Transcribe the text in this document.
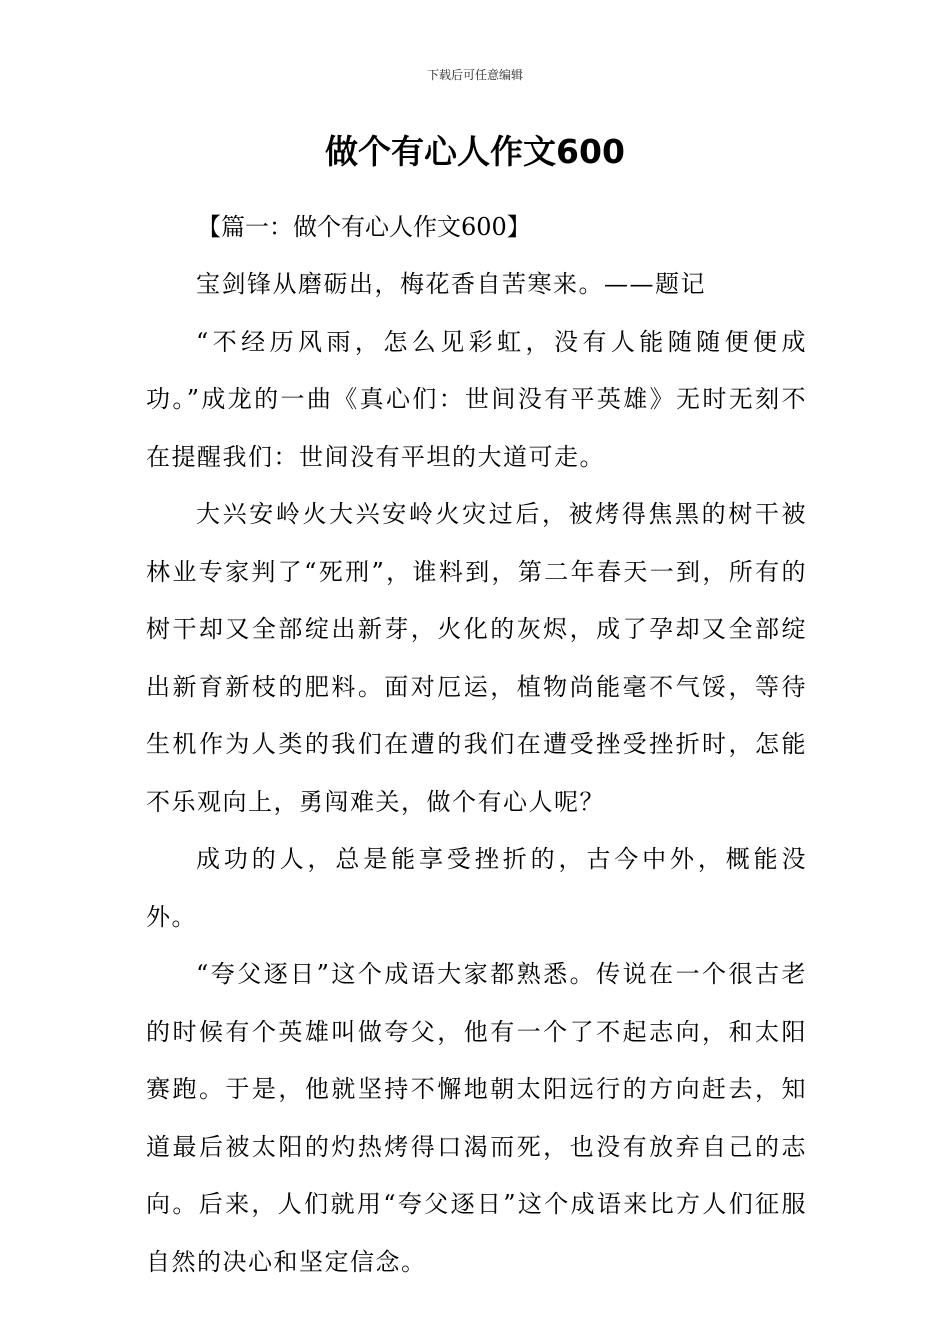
下载后可任意编辑
做个有心人作文600

【篇一：做个有心人作文600】

宝剑锋从磨砺出，梅花香自苦寒来。——题记

“不经历风雨，怎么见彩虹，没有人能随随便便成功。”成龙的一曲《真心们：世间没有平英雄》无时无刻不在提醒我们：世间没有平坦的大道可走。

大兴安岭火大兴安岭火灾过后，被烤得焦黑的树干被林业专家判了“死刑”，谁料到，第二年春天一到，所有的树干却又全部绽出新芽，火化的灰烬，成了孕却又全部绽出新育新枝的肥料。面对厄运，植物尚能毫不气馁，等待生机作为人类的我们在遭的我们在遭受挫受挫折时，怎能不乐观向上，勇闯难关，做个有心人呢？

成功的人，总是能享受挫折的，古今中外，概能没外。

“夸父逐日”这个成语大家都熟悉。传说在一个很古老的时候有个英雄叫做夸父，他有一个了不起志向，和太阳赛跑。于是，他就坚持不懈地朝太阳远行的方向赶去，知道最后被太阳的灼热烤得口渴而死，也没有放弃自己的志向。后来，人们就用“夸父逐日”这个成语来比方人们征服自然的决心和坚定信念。
